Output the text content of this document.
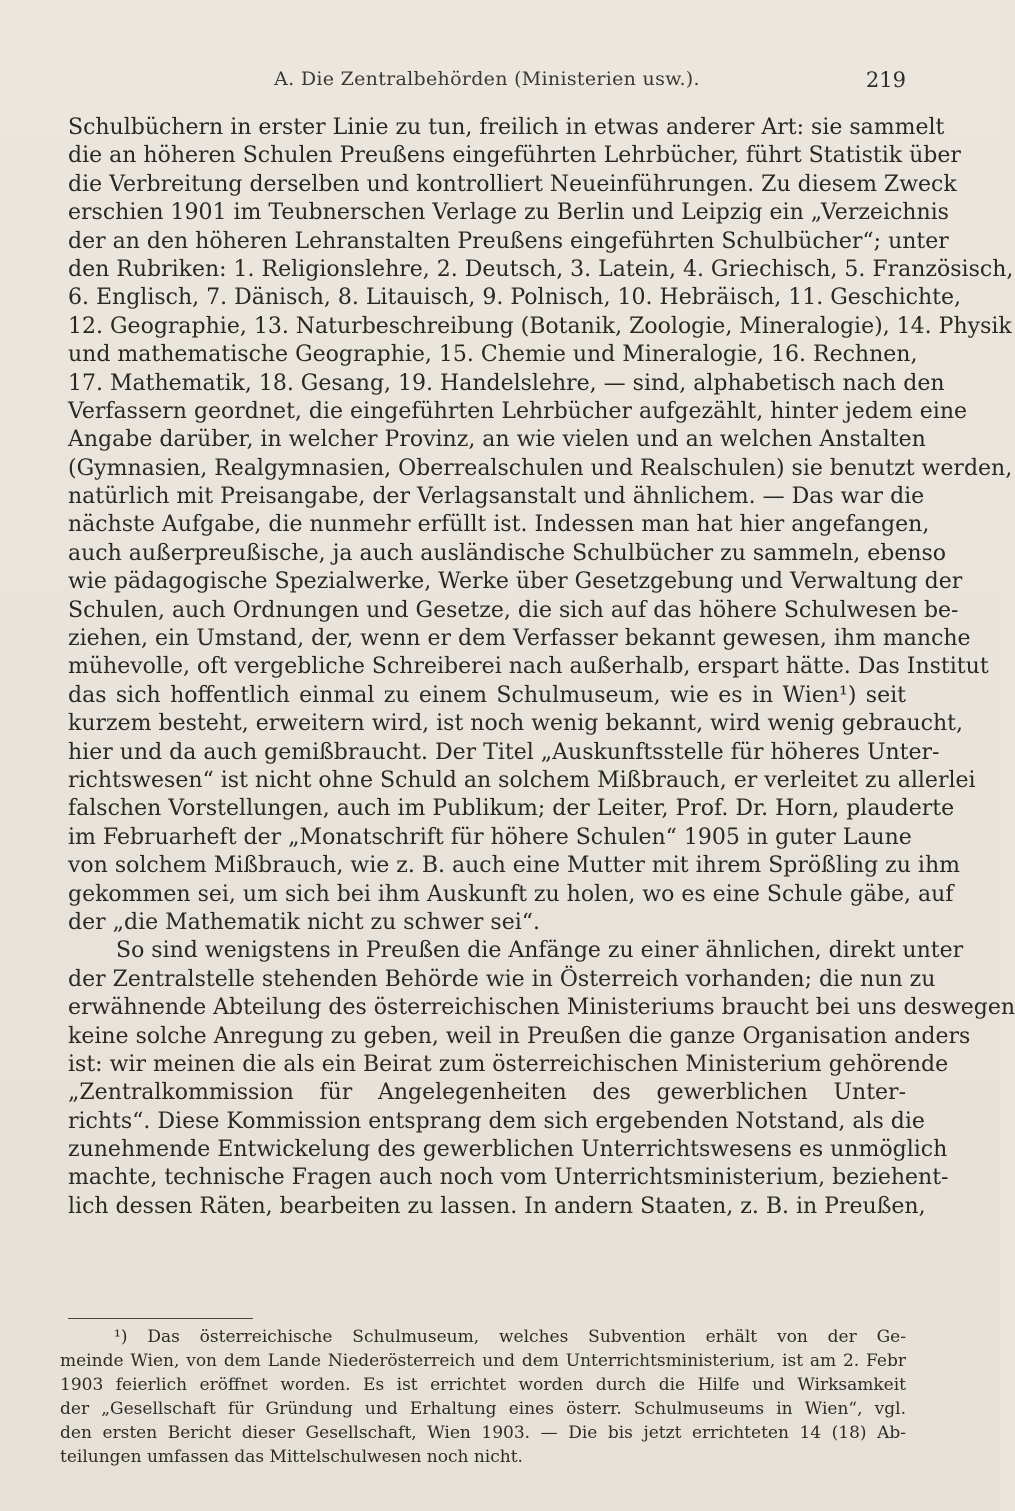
A. Die Zentralbehörden (Ministerien usw.).	219
Schulbüchern in erster Linie zu tun, freilich in etwas anderer Art: sie sammelt
die an höheren Schulen Preußens eingeführten Lehrbücher, führt Statistik über
die Verbreitung derselben und kontrolliert Neueinführungen. Zu diesem Zweck
erschien 1901 im Teubnerschen Verlage zu Berlin und Leipzig ein „Verzeichnis
der an den höheren Lehranstalten Preußens eingeführten Schulbücher“; unter
den Rubriken: 1. Religionslehre, 2. Deutsch, 3. Latein, 4. Griechisch, 5. Französisch,
6. Englisch, 7. Dänisch, 8. Litauisch, 9. Polnisch, 10. Hebräisch, 11. Geschichte,
12. Geographie, 13. Naturbeschreibung (Botanik, Zoologie, Mineralogie), 14. Physik
und mathematische Geographie, 15. Chemie und Mineralogie, 16. Rechnen,
17. Mathematik, 18. Gesang, 19. Handelslehre, — sind, alphabetisch nach den
Verfassern geordnet, die eingeführten Lehrbücher aufgezählt, hinter jedem eine
Angabe darüber, in welcher Provinz, an wie vielen und an welchen Anstalten
(Gymnasien, Realgymnasien, Oberrealschulen und Realschulen) sie benutzt werden,
natürlich mit Preisangabe, der Verlagsanstalt und ähnlichem. — Das war die
nächste Aufgabe, die nunmehr erfüllt ist. Indessen man hat hier angefangen,
auch außerpreußische, ja auch ausländische Schulbücher zu sammeln, ebenso
wie pädagogische Spezialwerke, Werke über Gesetzgebung und Verwaltung der
Schulen, auch Ordnungen und Gesetze, die sich auf das höhere Schulwesen be-
ziehen, ein Umstand, der, wenn er dem Verfasser bekannt gewesen, ihm manche
mühevolle, oft vergebliche Schreiberei nach außerhalb, erspart hätte. Das Institut
das sich hoffentlich einmal zu einem Schulmuseum, wie es in Wien¹) seit
kurzem besteht, erweitern wird, ist noch wenig bekannt, wird wenig gebraucht,
hier und da auch gemißbraucht. Der Titel „Auskunftsstelle für höheres Unter-
richtswesen“ ist nicht ohne Schuld an solchem Mißbrauch, er verleitet zu allerlei
falschen Vorstellungen, auch im Publikum; der Leiter, Prof. Dr. Horn, plauderte
im Februarheft der „Monatschrift für höhere Schulen“ 1905 in guter Laune
von solchem Mißbrauch, wie z. B. auch eine Mutter mit ihrem Sprößling zu ihm
gekommen sei, um sich bei ihm Auskunft zu holen, wo es eine Schule gäbe, auf
der „die Mathematik nicht zu schwer sei“.
So sind wenigstens in Preußen die Anfänge zu einer ähnlichen, direkt unter
der Zentralstelle stehenden Behörde wie in Österreich vorhanden; die nun zu
erwähnende Abteilung des österreichischen Ministeriums braucht bei uns deswegen
keine solche Anregung zu geben, weil in Preußen die ganze Organisation anders
ist: wir meinen die als ein Beirat zum österreichischen Ministerium gehörende
„Zentralkommission für Angelegenheiten des gewerblichen Unter-
richts“. Diese Kommission entsprang dem sich ergebenden Notstand, als die
zunehmende Entwickelung des gewerblichen Unterrichtswesens es unmöglich
machte, technische Fragen auch noch vom Unterrichtsministerium, beziehent-
lich dessen Räten, bearbeiten zu lassen. In andern Staaten, z. B. in Preußen,
¹) Das österreichische Schulmuseum, welches Subvention erhält von der Ge-
meinde Wien, von dem Lande Niederösterreich und dem Unterrichtsministerium, ist am 2. Febr
1903 feierlich eröffnet worden. Es ist errichtet worden durch die Hilfe und Wirksamkeit
der „Gesellschaft für Gründung und Erhaltung eines österr. Schulmuseums in Wien“, vgl.
den ersten Bericht dieser Gesellschaft, Wien 1903. — Die bis jetzt errichteten 14 (18) Ab-
teilungen umfassen das Mittelschulwesen noch nicht.
